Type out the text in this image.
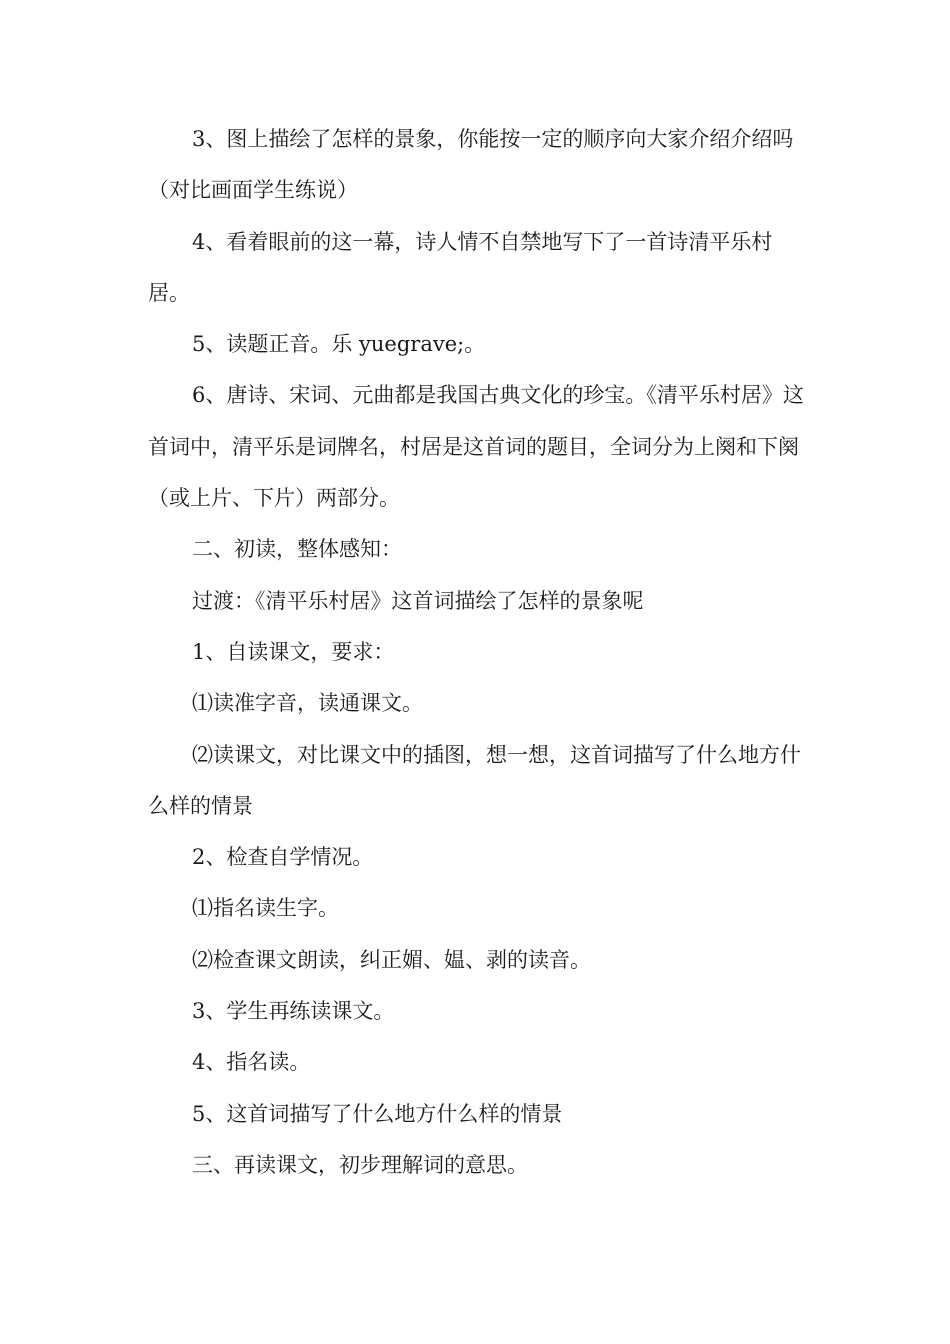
3、图上描绘了怎样的景象，你能按一定的顺序向大家介绍介绍吗（对比画面学生练说）

4、看着眼前的这一幕，诗人情不自禁地写下了一首诗清平乐村居。

5、读题正音。乐 yuegrave;。

6、唐诗、宋词、元曲都是我国古典文化的珍宝。《清平乐村居》这首词中，清平乐是词牌名，村居是这首词的题目，全词分为上阕和下阕（或上片、下片）两部分。

二、初读，整体感知：

过渡：《清平乐村居》这首词描绘了怎样的景象呢

1、自读课文，要求：

⑴读准字音，读通课文。

⑵读课文，对比课文中的插图，想一想，这首词描写了什么地方什么样的情景

2、检查自学情况。

⑴指名读生字。

⑵检查课文朗读，纠正媚、媪、剥的读音。

3、学生再练读课文。

4、指名读。

5、这首词描写了什么地方什么样的情景

三、再读课文，初步理解词的意思。
